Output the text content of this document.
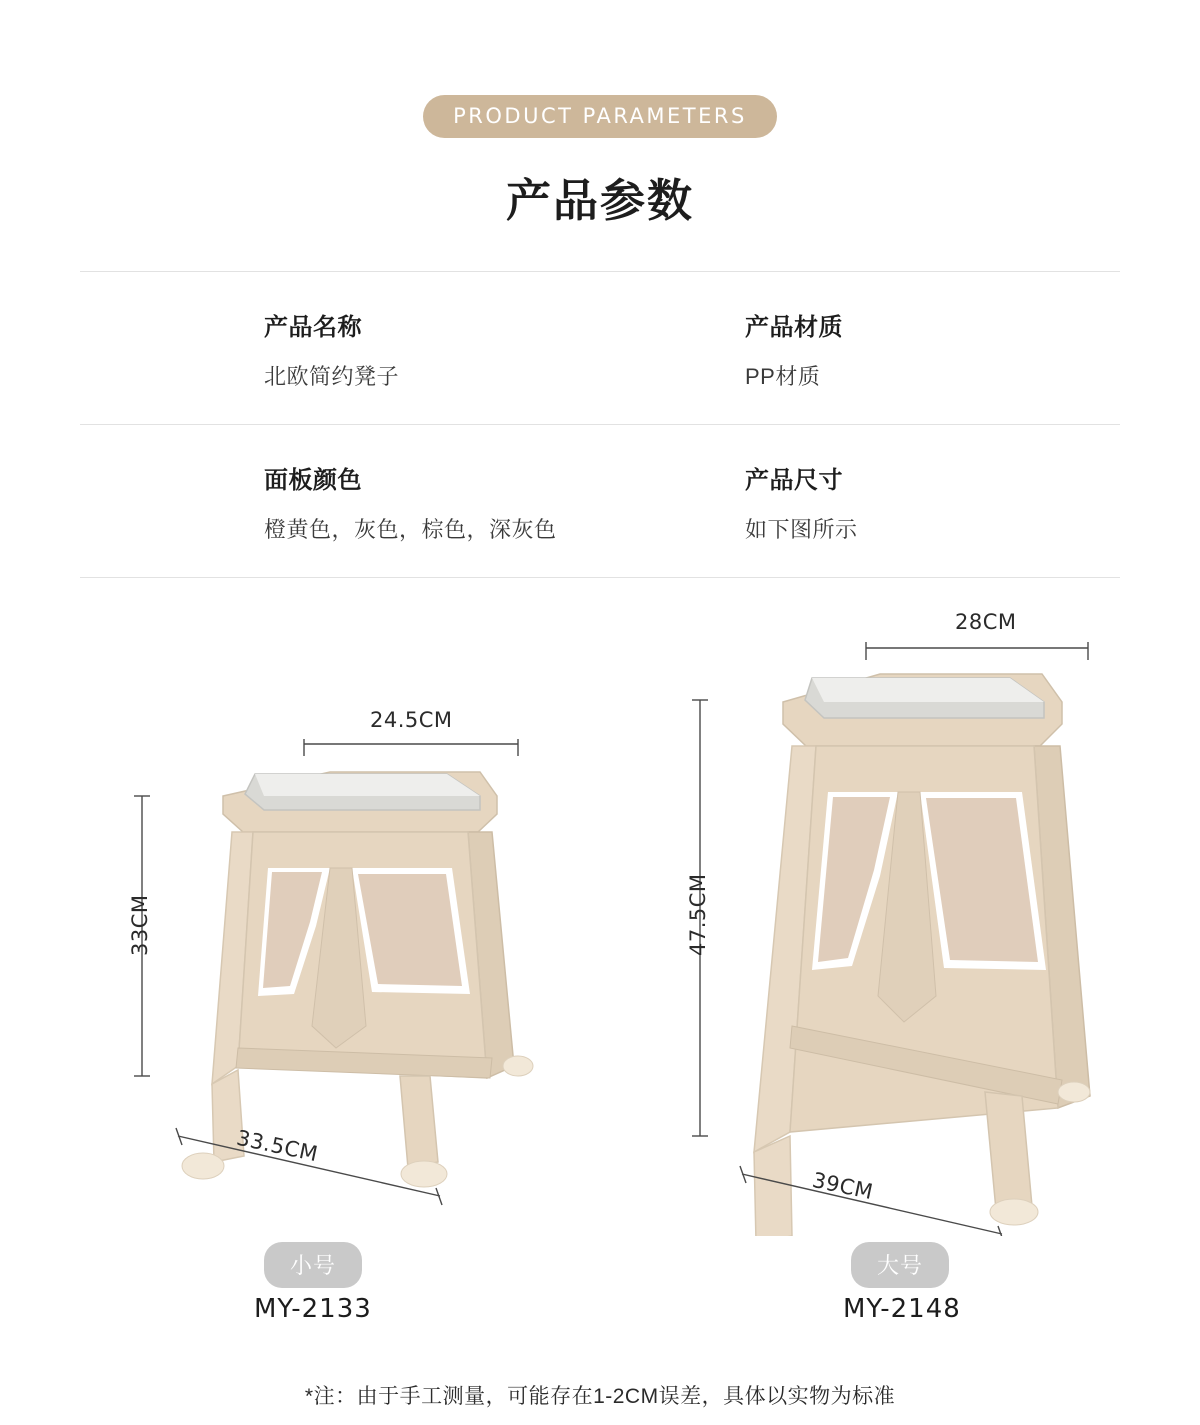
PRODUCT PARAMETERS
产品参数
产品名称
北欧简约凳子
产品材质
PP材质
面板颜色
橙黄色，灰色，棕色，深灰色
产品尺寸
如下图所示
24.5CM
33CM
33.5CM
28CM
47.5CM
39CM
小号
MY-2133
大号
MY-2148
*注：由于手工测量，可能存在1-2CM误差，具体以实物为标准
